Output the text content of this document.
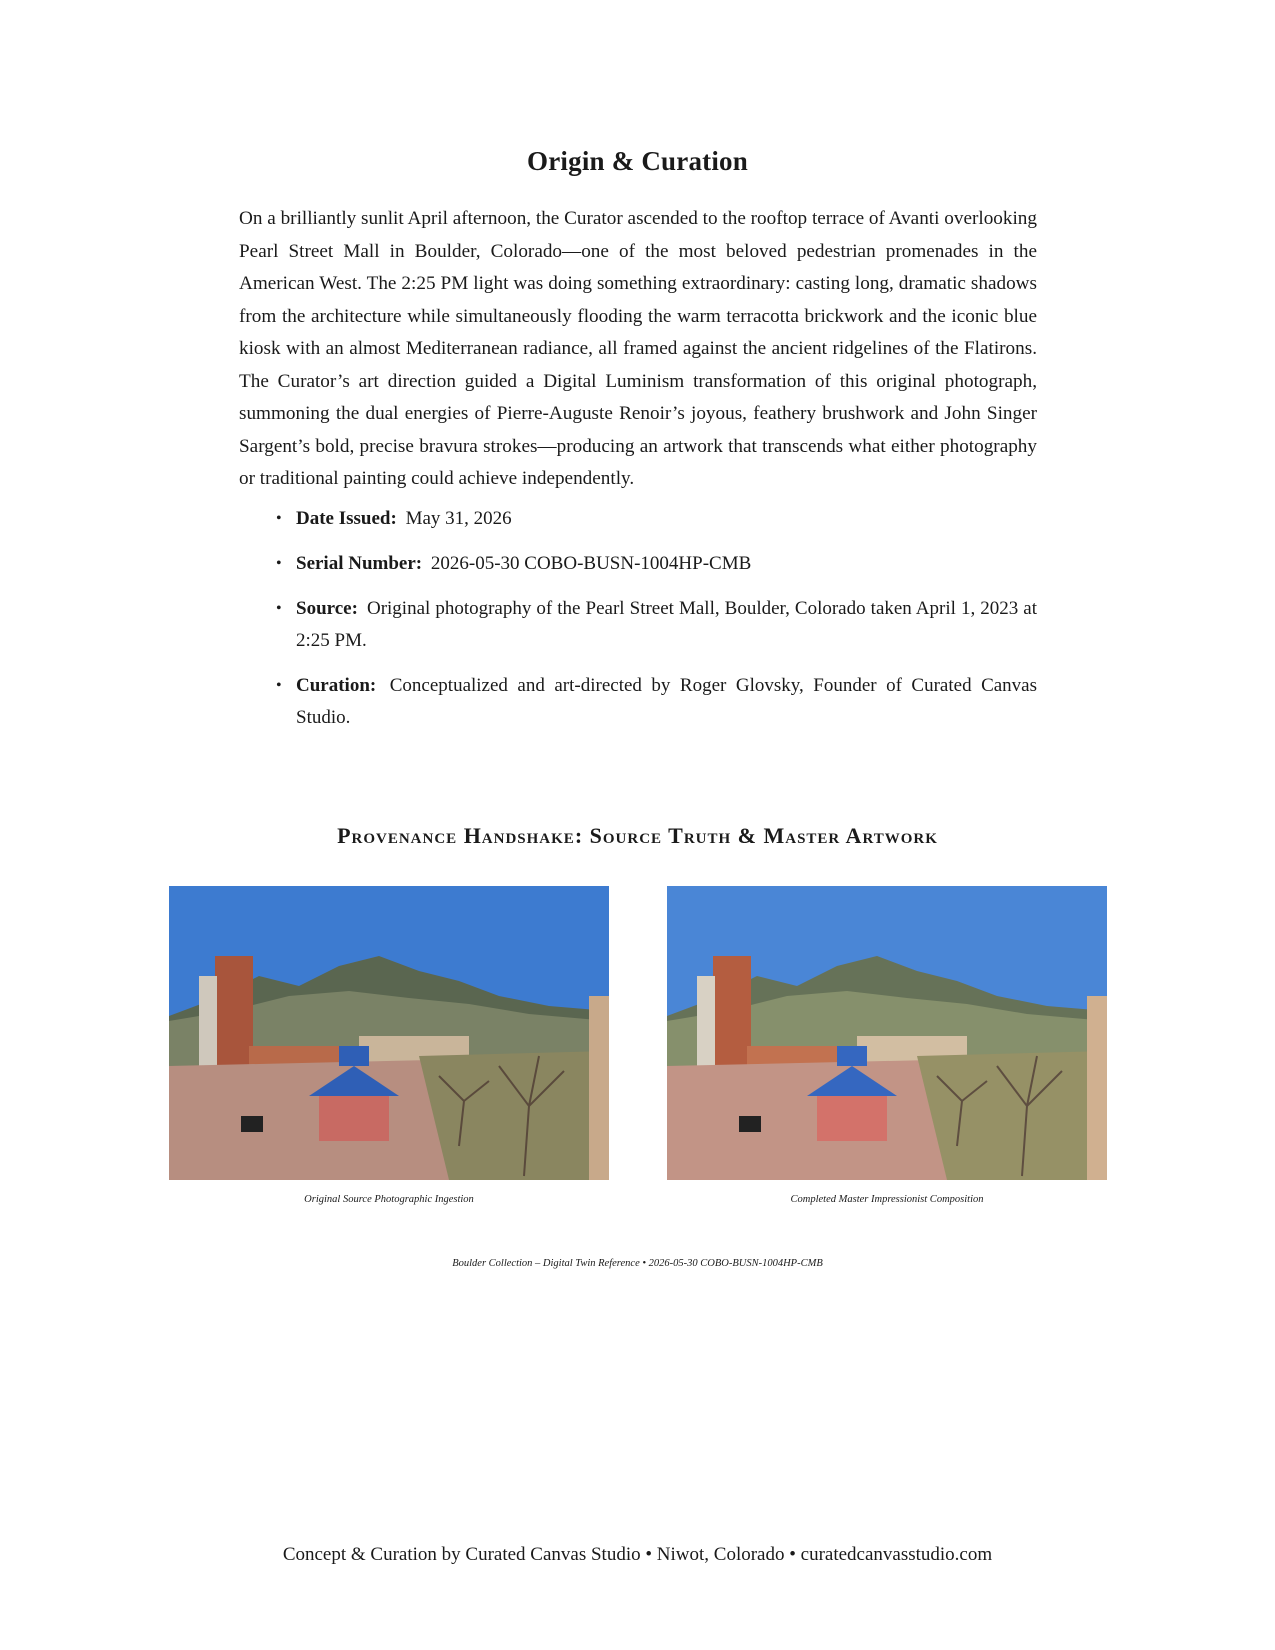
Origin & Curation

On a brilliantly sunlit April afternoon, the Curator ascended to the rooftop terrace of Avanti overlooking Pearl Street Mall in Boulder, Colorado—one of the most beloved pedestrian promenades in the American West. The 2:25 PM light was doing something extraordinary: casting long, dramatic shadows from the architecture while simultaneously flooding the warm terracotta brickwork and the iconic blue kiosk with an almost Mediterranean radiance, all framed against the ancient ridgelines of the Flatirons. The Curator’s art direction guided a Digital Luminism transformation of this original photograph, summoning the dual energies of Pierre-Auguste Renoir’s joyous, feathery brushwork and John Singer Sargent’s bold, precise bravura strokes—producing an artwork that transcends what either photography or traditional painting could achieve independently.

• Date Issued: May 31, 2026
• Serial Number: 2026-05-30 COBO-BUSN-1004HP-CMB
• Source: Original photography of the Pearl Street Mall, Boulder, Colorado taken April 1, 2023 at 2:25 PM.
• Curation: Conceptualized and art-directed by Roger Glovsky, Founder of Curated Canvas Studio.
Provenance Handshake: Source Truth & Master Artwork
Original Source Photographic Ingestion	Completed Master Impressionist Composition
Boulder Collection – Digital Twin Reference • 2026-05-30 COBO-BUSN-1004HP-CMB
Concept & Curation by Curated Canvas Studio • Niwot, Colorado • curatedcanvasstudio.com
